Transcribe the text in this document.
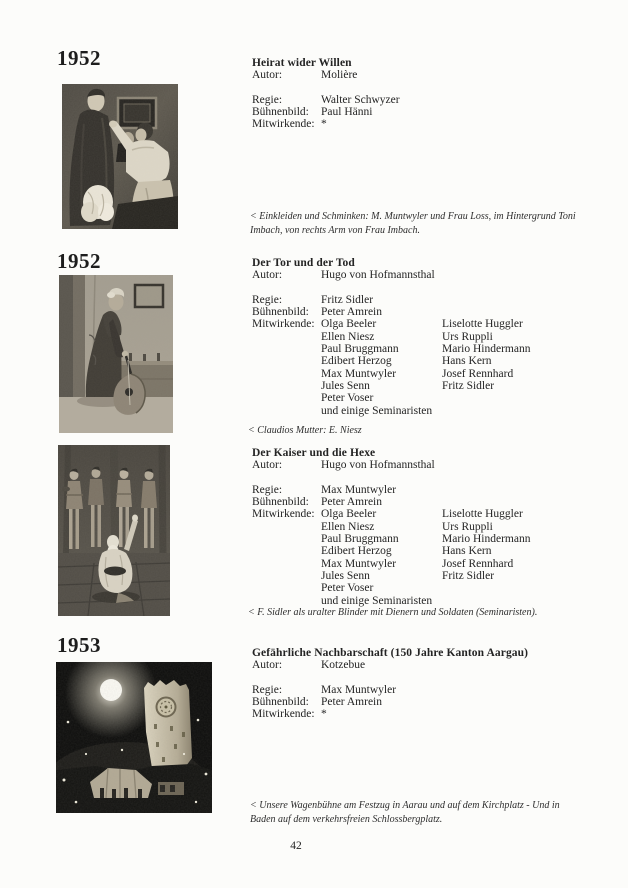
1952	Heirat wider Willen
Autor:	Molière
Regie:	Walter Schwyzer
Bühnenbild:	Paul Hänni
Mitwirkende: *
< Einkleiden und Schminken: M. Muntwyler und Frau Loss, im Hintergrund Toni Imbach, von rechts Arm von Frau Imbach.
1952	Der Tor und der Tod
Autor:	Hugo von Hofmannsthal
Regie:	Fritz Sidler
Bühnenbild:	Peter Amrein
Mitwirkende: Olga Beeler	Liselotte Huggler
Ellen Niesz	Urs Ruppli
Paul Bruggmann	Mario Hindermann
Edibert Herzog	Hans Kern
Max Muntwyler	Josef Rennhard
Jules Senn	Fritz Sidler
Peter Voser
und einige Seminaristen
< Claudios Mutter: E. Niesz
Der Kaiser und die Hexe
Autor:	Hugo von Hofmannsthal
Regie:	Max Muntwyler
Bühnenbild:	Peter Amrein
Mitwirkende: Olga Beeler	Liselotte Huggler
Ellen Niesz	Urs Ruppli
Paul Bruggmann	Mario Hindermann
Edibert Herzog	Hans Kern
Max Muntwyler	Josef Rennhard
Jules Senn	Fritz Sidler
Peter Voser
und einige Seminaristen
< F. Sidler als uralter Blinder mit Dienern und Soldaten (Seminaristen).
1953	Gefährliche Nachbarschaft (150 Jahre Kanton Aargau)
Autor:	Kotzebue
Regie:	Max Muntwyler
Bühnenbild:	Peter Amrein
Mitwirkende: *
< Unsere Wagenbühne am Festzug in Aarau und auf dem Kirchplatz - Und in Baden auf dem verkehrsfreien Schlossbergplatz.
42
